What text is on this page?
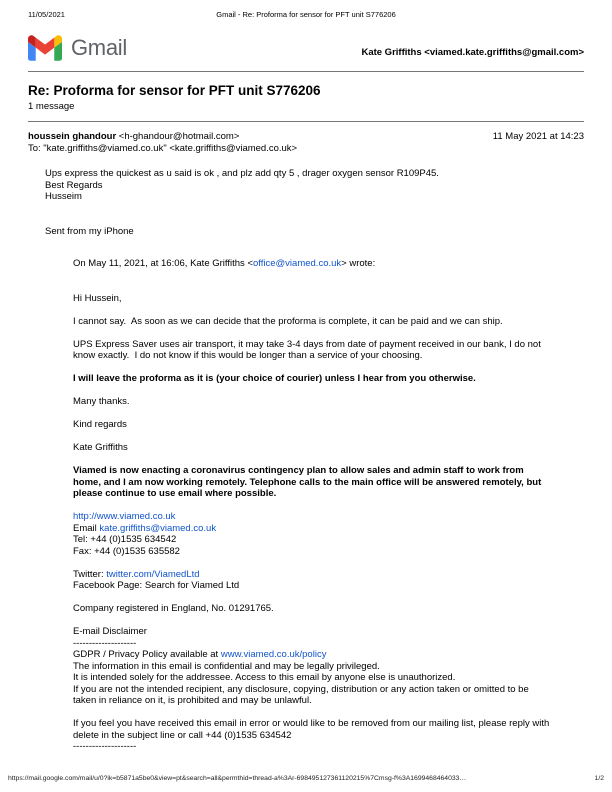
11/05/2021	Gmail - Re: Proforma for sensor for PFT unit S776206
Gmail	Kate Griffiths <viamed.kate.griffiths@gmail.com>
Re: Proforma for sensor for PFT unit S776206
1 message
houssein ghandour <h-ghandour@hotmail.com>	11 May 2021 at 14:23
To: "kate.griffiths@viamed.co.uk" <kate.griffiths@viamed.co.uk>
Ups express the quickest as u said is ok , and plz add qty 5 , drager oxygen sensor R109P45.
Best Regards
Husseim
Sent from my iPhone
On May 11, 2021, at 16:06, Kate Griffiths <office@viamed.co.uk> wrote:
Hi Hussein,
I cannot say.  As soon as we can decide that the proforma is complete, it can be paid and we can ship.
UPS Express Saver uses air transport, it may take 3-4 days from date of payment received in our bank, I do not know exactly.  I do not know if this would be longer than a service of your choosing.
I will leave the proforma as it is (your choice of courier) unless I hear from you otherwise.
Many thanks.
Kind regards
Kate Griffiths
Viamed is now enacting a coronavirus contingency plan to allow sales and admin staff to work from home, and I am now working remotely. Telephone calls to the main office will be answered remotely, but please continue to use email where possible.
http://www.viamed.co.uk
Email kate.griffiths@viamed.co.uk
Tel: +44 (0)1535 634542
Fax: +44 (0)1535 635582
Twitter: twitter.com/ViamedLtd
Facebook Page: Search for Viamed Ltd
Company registered in England, No. 01291765.
E-mail Disclaimer
--------------------
GDPR / Privacy Policy available at www.viamed.co.uk/policy
The information in this email is confidential and may be legally privileged.
It is intended solely for the addressee. Access to this email by anyone else is unauthorized.
If you are not the intended recipient, any disclosure, copying, distribution or any action taken or omitted to be taken in reliance on it, is prohibited and may be unlawful.
If you feel you have received this email in error or would like to be removed from our mailing list, please reply with delete in the subject line or call +44 (0)1535 634542
--------------------
https://mail.google.com/mail/u/0?ik=b5871a5be0&view=pt&search=all&permthid=thread-a%3Ar-698495127361120215%7Cmsg-f%3A1699468464033…	1/2
